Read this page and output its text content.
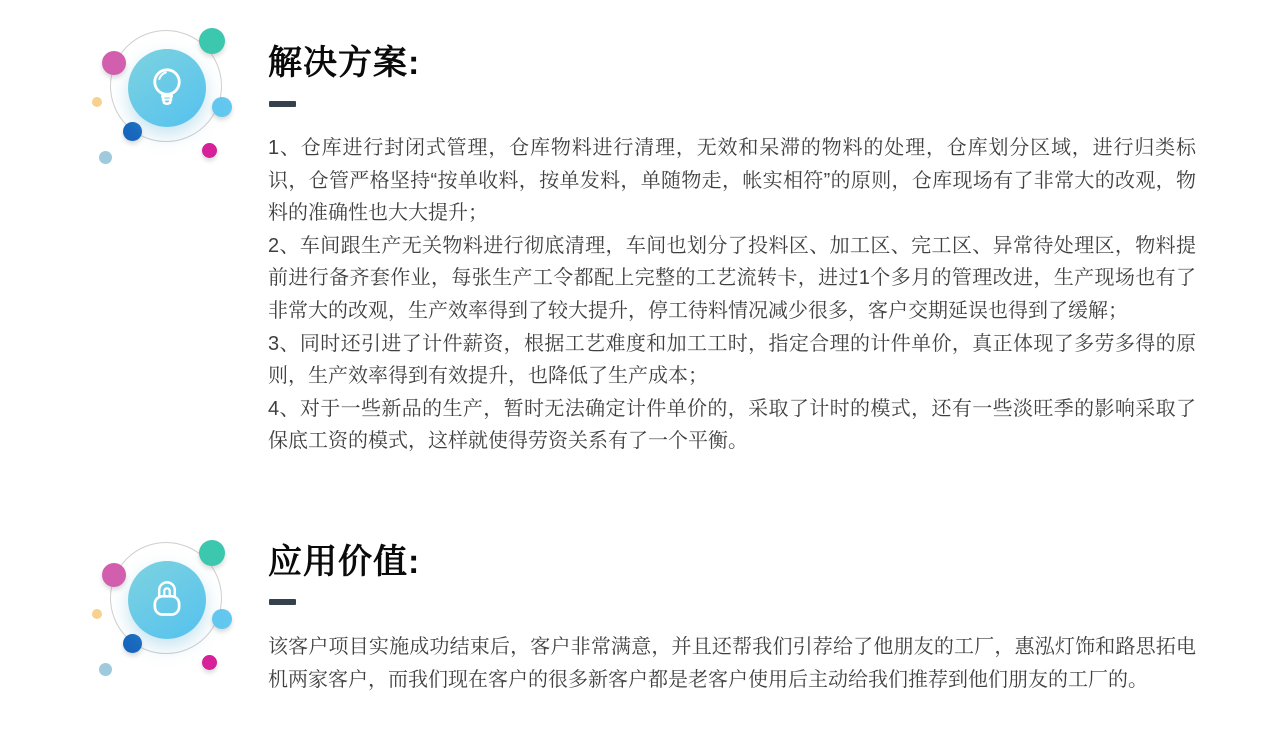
解决方案:

1、仓库进行封闭式管理，仓库物料进行清理，无效和呆滞的物料的处理，仓库划分区域，进行归类标识，仓管严格坚持“按单收料，按单发料，单随物走，帐实相符”的原则，仓库现场有了非常大的改观，物料的准确性也大大提升；

2、车间跟生产无关物料进行彻底清理，车间也划分了投料区、加工区、完工区、异常待处理区，物料提前进行备齐套作业，每张生产工令都配上完整的工艺流转卡，进过1个多月的管理改进，生产现场也有了非常大的改观，生产效率得到了较大提升，停工待料情况减少很多，客户交期延误也得到了缓解；

3、同时还引进了计件薪资，根据工艺难度和加工工时，指定合理的计件单价，真正体现了多劳多得的原则，生产效率得到有效提升，也降低了生产成本；

4、对于一些新品的生产，暂时无法确定计件单价的，采取了计时的模式，还有一些淡旺季的影响采取了保底工资的模式，这样就使得劳资关系有了一个平衡。

应用价值:

该客户项目实施成功结束后，客户非常满意，并且还帮我们引荐给了他朋友的工厂，惠泓灯饰和路思拓电机两家客户，而我们现在客户的很多新客户都是老客户使用后主动给我们推荐到他们朋友的工厂的。
